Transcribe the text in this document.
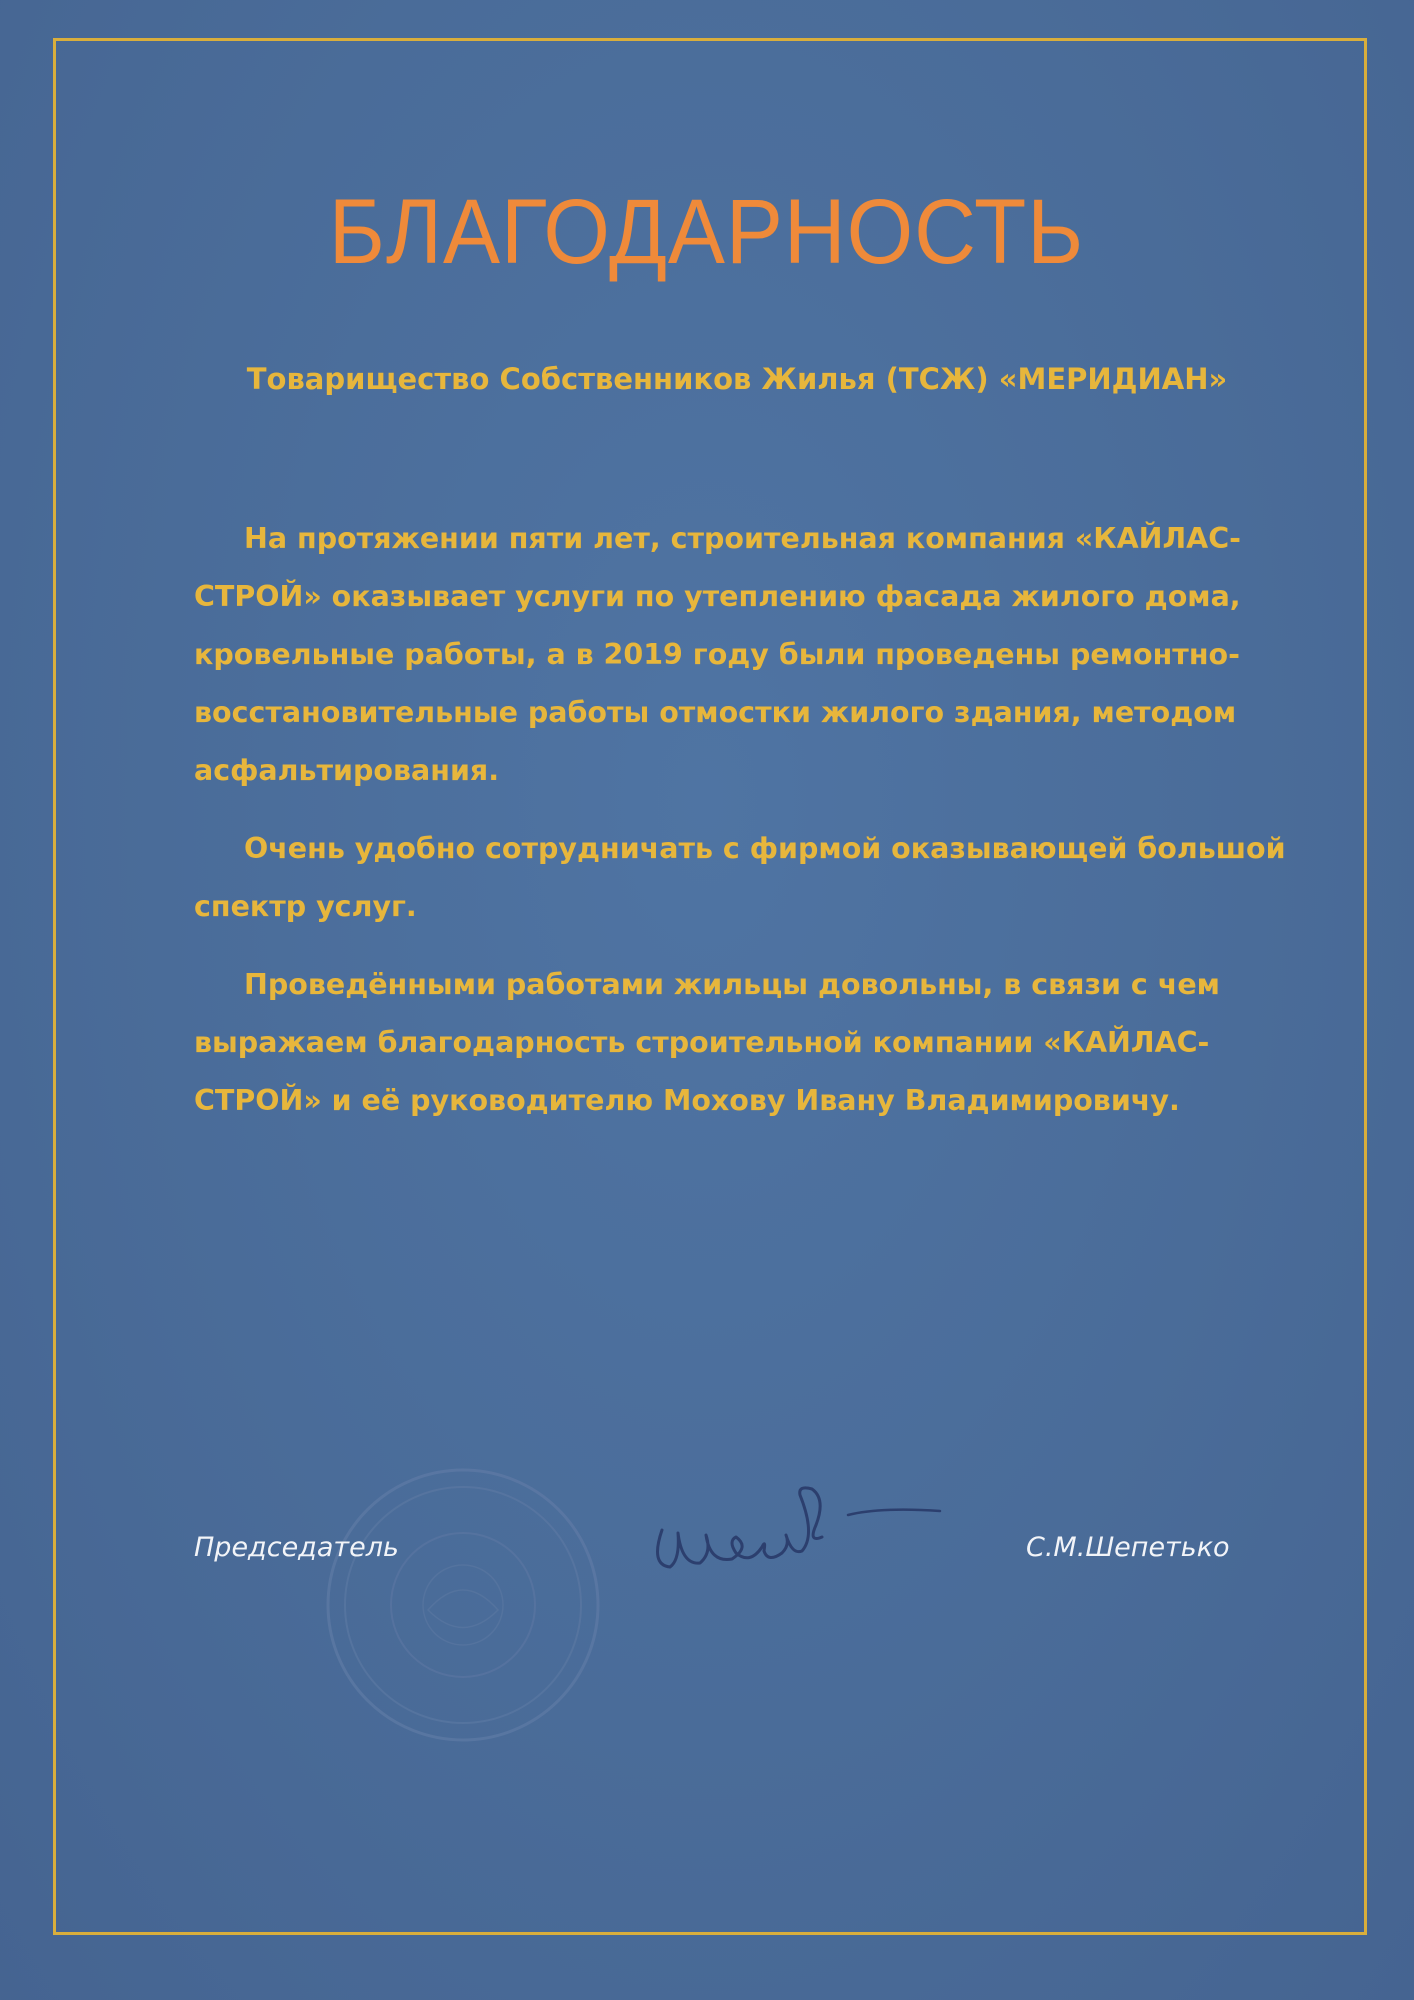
БЛАГОДАРНОСТЬ
Товарищество Собственников Жилья (ТСЖ) «МЕРИДИАН»

На протяжении пяти лет, строительная компания «КАЙЛАС-СТРОЙ» оказывает услуги по утеплению фасада жилого дома, кровельные работы, а в 2019 году были проведены ремонтно-восстановительные работы отмостки жилого здания, методом асфальтирования.

Очень удобно сотрудничать с фирмой оказывающей большой спектр услуг.

Проведёнными работами жильцы довольны, в связи с чем выражаем благодарность строительной компании «КАЙЛАС-СТРОЙ» и её руководителю Мохову Ивану Владимировичу.

Председатель	С.М.Шепетько
